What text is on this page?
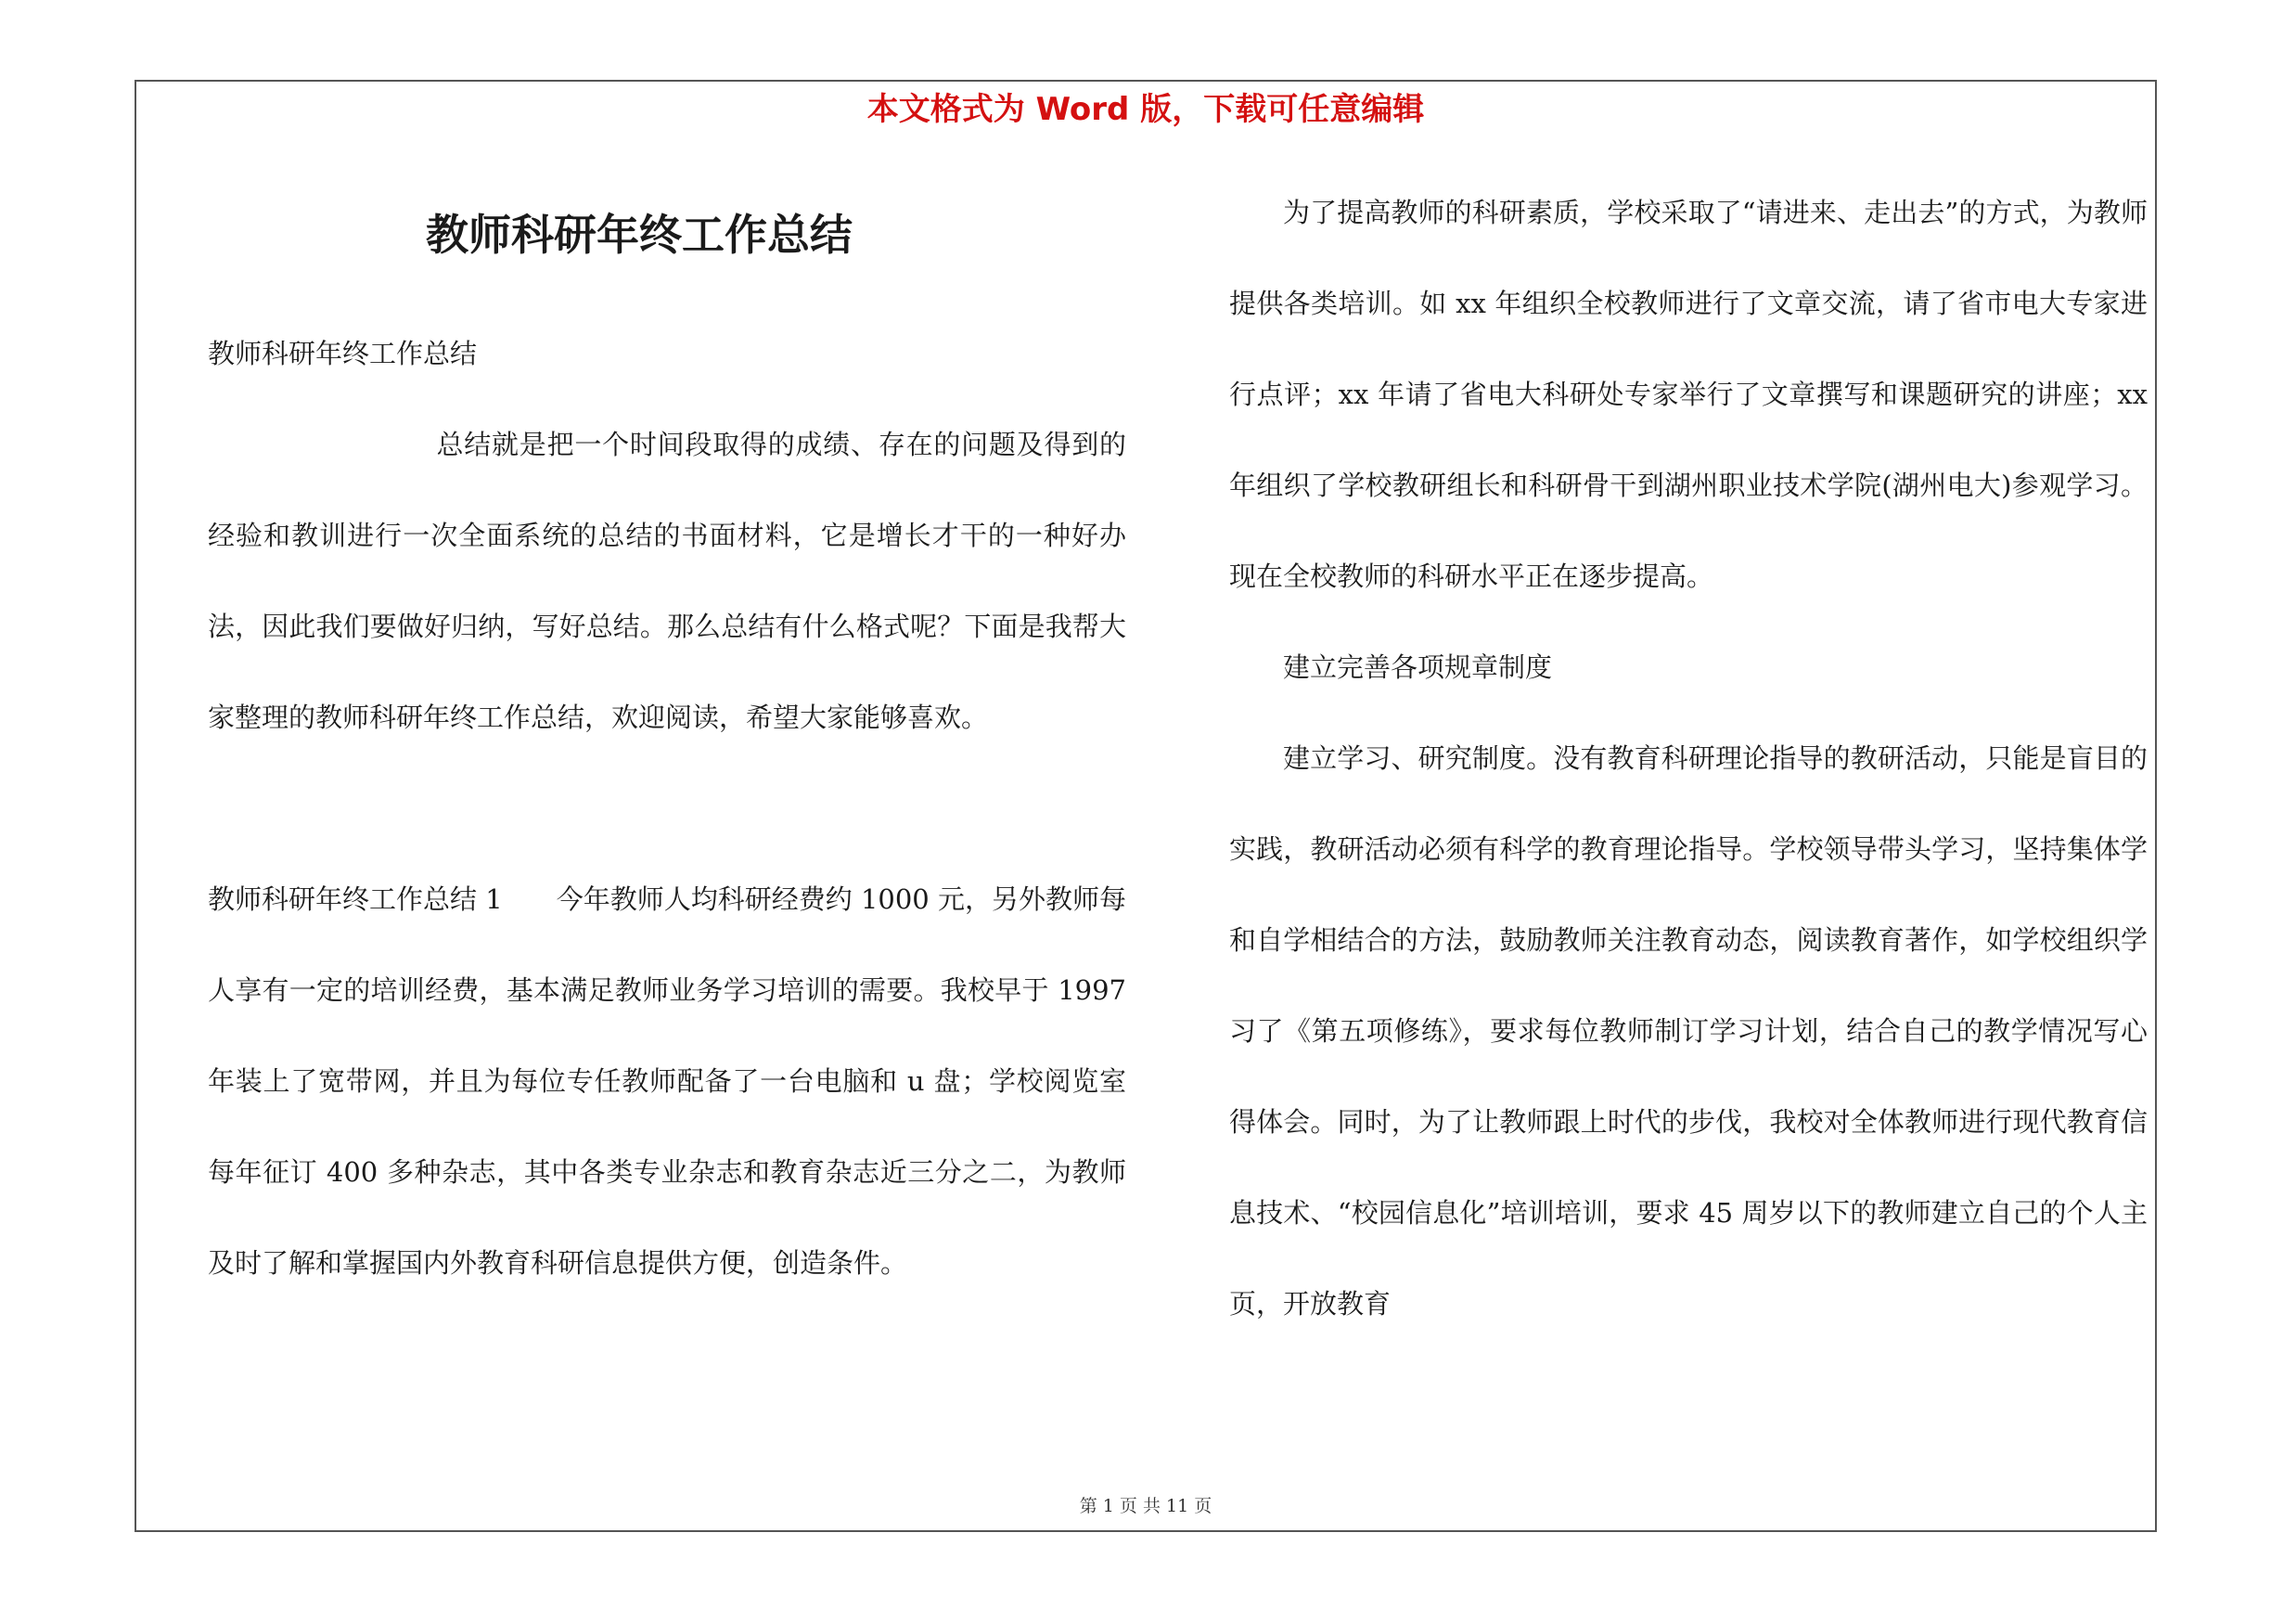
本文格式为 Word 版，下载可任意编辑
教师科研年终工作总结

教师科研年终工作总结

总结就是把一个时间段取得的成绩、存在的问题及得到的经验和教训进行一次全面系统的总结的书面材料，它是增长才干的一种好办法，因此我们要做好归纳，写好总结。那么总结有什么格式呢？下面是我帮大家整理的教师科研年终工作总结，欢迎阅读，希望大家能够喜欢。

教师科研年终工作总结 1 今年教师人均科研经费约 1000 元，另外教师每人享有一定的培训经费，基本满足教师业务学习培训的需要。我校早于 1997 年装上了宽带网，并且为每位专任教师配备了一台电脑和 u 盘；学校阅览室每年征订 400 多种杂志，其中各类专业杂志和教育杂志近三分之二，为教师及时了解和掌握国内外教育科研信息提供方便，创造条件。

为了提高教师的科研素质，学校采取了“请进来、走出去”的方式，为教师提供各类培训。如 xx 年组织全校教师进行了文章交流，请了省市电大专家进行点评；xx 年请了省电大科研处专家举行了文章撰写和课题研究的讲座；xx 年组织了学校教研组长和科研骨干到湖州职业技术学院(湖州电大)参观学习。现在全校教师的科研水平正在逐步提高。

建立完善各项规章制度

建立学习、研究制度。没有教育科研理论指导的教研活动，只能是盲目的实践，教研活动必须有科学的教育理论指导。学校领导带头学习，坚持集体学和自学相结合的方法，鼓励教师关注教育动态，阅读教育著作，如学校组织学习了《第五项修练》，要求每位教师制订学习计划，结合自己的教学情况写心得体会。同时，为了让教师跟上时代的步伐，我校对全体教师进行现代教育信息技术、“校园信息化”培训培训，要求 45 周岁以下的教师建立自己的个人主页，开放教育

第 1 页 共 11 页
